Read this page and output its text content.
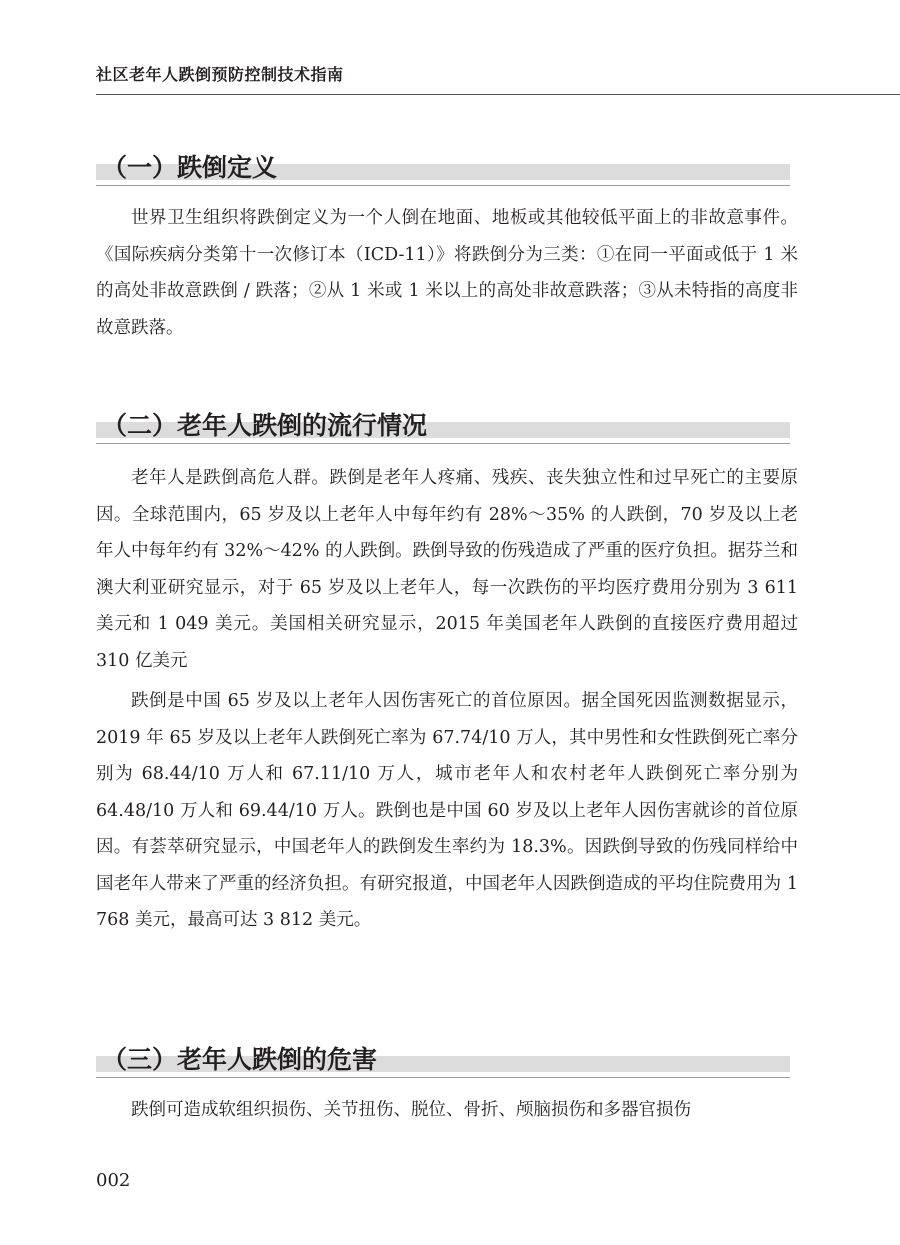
社区老年人跌倒预防控制技术指南
（一）跌倒定义

世界卫生组织将跌倒定义为一个人倒在地面、地板或其他较低平面上的非故意事件。《国际疾病分类第十一次修订本（ICD-11）》将跌倒分为三类：①在同一平面或低于 1 米的高处非故意跌倒 / 跌落；②从 1 米或 1 米以上的高处非故意跌落；③从未特指的高度非故意跌落。

（二）老年人跌倒的流行情况

老年人是跌倒高危人群。跌倒是老年人疼痛、残疾、丧失独立性和过早死亡的主要原因。全球范围内，65 岁及以上老年人中每年约有 28%～35% 的人跌倒，70 岁及以上老年人中每年约有 32%～42% 的人跌倒。跌倒导致的伤残造成了严重的医疗负担。据芬兰和澳大利亚研究显示，对于 65 岁及以上老年人，每一次跌伤的平均医疗费用分别为 3 611 美元和 1 049 美元。美国相关研究显示，2015 年美国老年人跌倒的直接医疗费用超过 310 亿美元

跌倒是中国 65 岁及以上老年人因伤害死亡的首位原因。据全国死因监测数据显示，2019 年 65 岁及以上老年人跌倒死亡率为 67.74/10 万人，其中男性和女性跌倒死亡率分别为 68.44/10 万人和 67.11/10 万人，城市老年人和农村老年人跌倒死亡率分别为 64.48/10 万人和 69.44/10 万人。跌倒也是中国 60 岁及以上老年人因伤害就诊的首位原因。有荟萃研究显示，中国老年人的跌倒发生率约为 18.3%。因跌倒导致的伤残同样给中国老年人带来了严重的经济负担。有研究报道，中国老年人因跌倒造成的平均住院费用为 1 768 美元，最高可达 3 812 美元。

（三）老年人跌倒的危害

跌倒可造成软组织损伤、关节扭伤、脱位、骨折、颅脑损伤和多器官损伤

002
